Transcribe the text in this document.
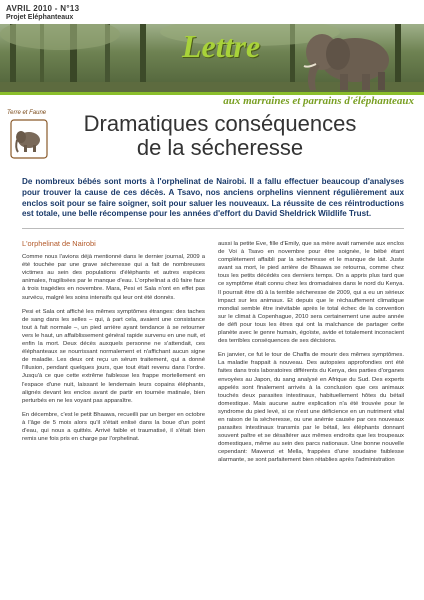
AVRIL 2010 - N°13
Projet Eléphanteaux
Lettre
aux marraines et parrains d'éléphanteaux
Terre et Faune	Dramatiques conséquences
de la sécheresse
De nombreux bébés sont morts à l'orphelinat de Nairobi. Il a fallu effectuer beaucoup d'analyses pour trouver la cause de ces décès. A Tsavo, nos anciens orphelins viennent régulièrement aux enclos soit pour se faire soigner, soit pour saluer les nouveaux. La réussite de ces réintroductions est totale, une belle récompense pour les années d'effort du David Sheldrick Wildlife Trust.
L'orphelinat de Nairobi

Comme nous l'avions déjà mentionné dans le dernier journal, 2009 a été touchée par une grave sécheresse qui a fait de nombreuses victimes au sein des populations d'éléphants et autres espèces animales, fragilisées par le manque d'eau. L'orphelinat a dû faire face à trois tragédies en novembre. Mara, Pesi et Sala n'ont en effet pas survécu, malgré les soins intensifs qui leur ont été donnés.

Pesi et Sala ont affiché les mêmes symptômes étranges: des taches de sang dans les selles – qui, à part cela, avaient une consistance tout à fait normale –, un pied arrière ayant tendance à se retourner vers le haut, un affaiblissement général rapide survenu en une nuit, et enfin la mort. Deux décès auxquels personne ne s'attendait, ces éléphanteaux se nourrissant normalement et n'affichant aucun signe de maladie. Les deux ont reçu un sérum traitement, qui a donné l'illusion, pendant quelques jours, que tout était revenu dans l'ordre. Jusqu'à ce que cette extrême faiblesse les frappe mortellement en l'espace d'une nuit, laissant le lendemain leurs copains éléphants, alignés devant les enclos avant de partir en tournée matinale, bien perturbés en ne les voyant pas apparaître.

En décembre, c'est le petit Bhaawa, recueilli par un berger en octobre à l'âge de 5 mois alors qu'il s'était enlisé dans la boue d'un point d'eau, qui nous a quittés. Arrivé faible et traumatisé, il s'était bien remis une fois pris en charge par l'orphelinat.

aussi la petite Eve, fille d'Emily, que sa mère avait ramenée aux enclos de Voi à Tsavo en novembre pour être soignée, le bébé étant complètement affaibli par la sécheresse et le manque de lait. Juste avant sa mort, le pied arrière de Bhaawa se retourna, comme chez tous les petits décédés ces derniers temps. On a appris plus tard que ce symptôme était connu chez les dromadaires dans le nord du Kenya. Il pourrait être dû à la terrible sécheresse de 2009, qui a eu un sérieux impact sur les animaux. Et depuis que le réchauffement climatique mondial semble être inévitable après le total échec de la convention sur le climat à Copenhague, 2010 sera certainement une autre année de défi pour tous les êtres qui ont la malchance de partager cette planète avec le genre humain, égoïste, avide et totalement inconscient des terribles conséquences de ses décisions.

En janvier, ce fut le tour de Chaffa de mourir des mêmes symptômes. La maladie frappait à nouveau. Des autopsies approfondies ont été faites dans trois laboratoires différents du Kenya, des parties d'organes envoyées au Japon, du sang analysé en Afrique du Sud. Des experts appelés sont finalement arrivés à la conclusion que ces animaux touchés deux parasites intestinaux, habituellement hôtes du bétail domestique. Mais aucune autre explication n'a été trouvée pour le syndrome du pied levé, si ce n'est une déficience en un nutriment vital en raison de la sécheresse, ou une anémie causée par ces nouveaux parasites intestinaux transmis par le bétail, les éléphants donnant souvent paître et se désaltérer aux mêmes endroits que les troupeaux domestiques, même au sein des parcs nationaux. Une bonne nouvelle cependant: Mawenzi et Mella, frappées d'une soudaine faiblesse alarmante, se sont parfaitement bien rétablies après l'administration
